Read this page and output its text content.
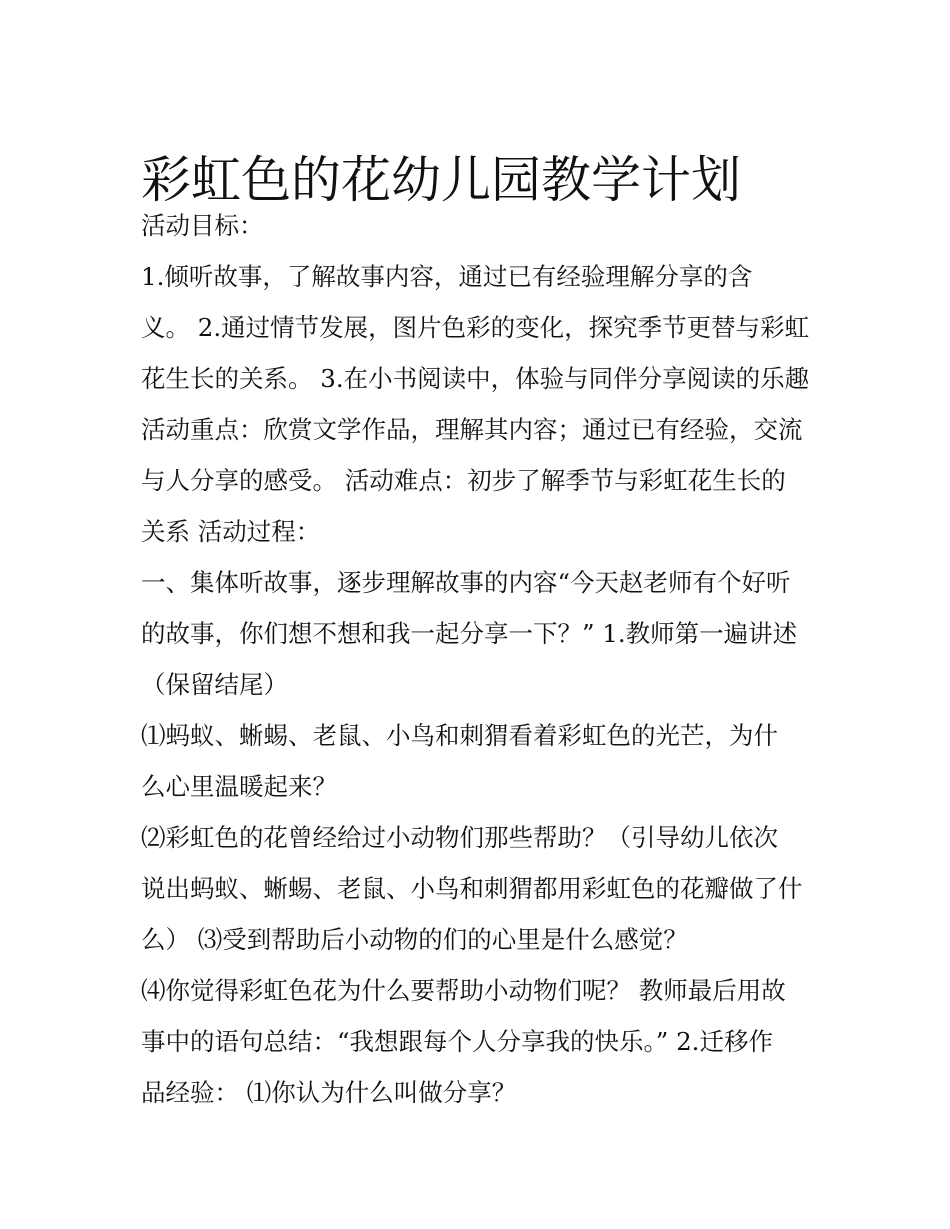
彩虹色的花幼儿园教学计划
活动目标：
1.倾听故事，了解故事内容，通过已有经验理解分享的含
义。 2.通过情节发展，图片色彩的变化，探究季节更替与彩虹
花生长的关系。 3.在小书阅读中，体验与同伴分享阅读的乐趣
活动重点：欣赏文学作品，理解其内容；通过已有经验，交流
与人分享的感受。 活动难点：初步了解季节与彩虹花生长的
关系 活动过程：
一、集体听故事，逐步理解故事的内容“今天赵老师有个好听
的故事，你们想不想和我一起分享一下？” 1.教师第一遍讲述
（保留结尾）
⑴蚂蚁、蜥蜴、老鼠、小鸟和刺猬看着彩虹色的光芒，为什
么心里温暖起来？
⑵彩虹色的花曾经给过小动物们那些帮助？（引导幼儿依次
说出蚂蚁、蜥蜴、老鼠、小鸟和刺猬都用彩虹色的花瓣做了什
么） ⑶受到帮助后小动物的们的心里是什么感觉？
⑷你觉得彩虹色花为什么要帮助小动物们呢？ 教师最后用故
事中的语句总结：“我想跟每个人分享我的快乐。” 2.迁移作
品经验： ⑴你认为什么叫做分享？
